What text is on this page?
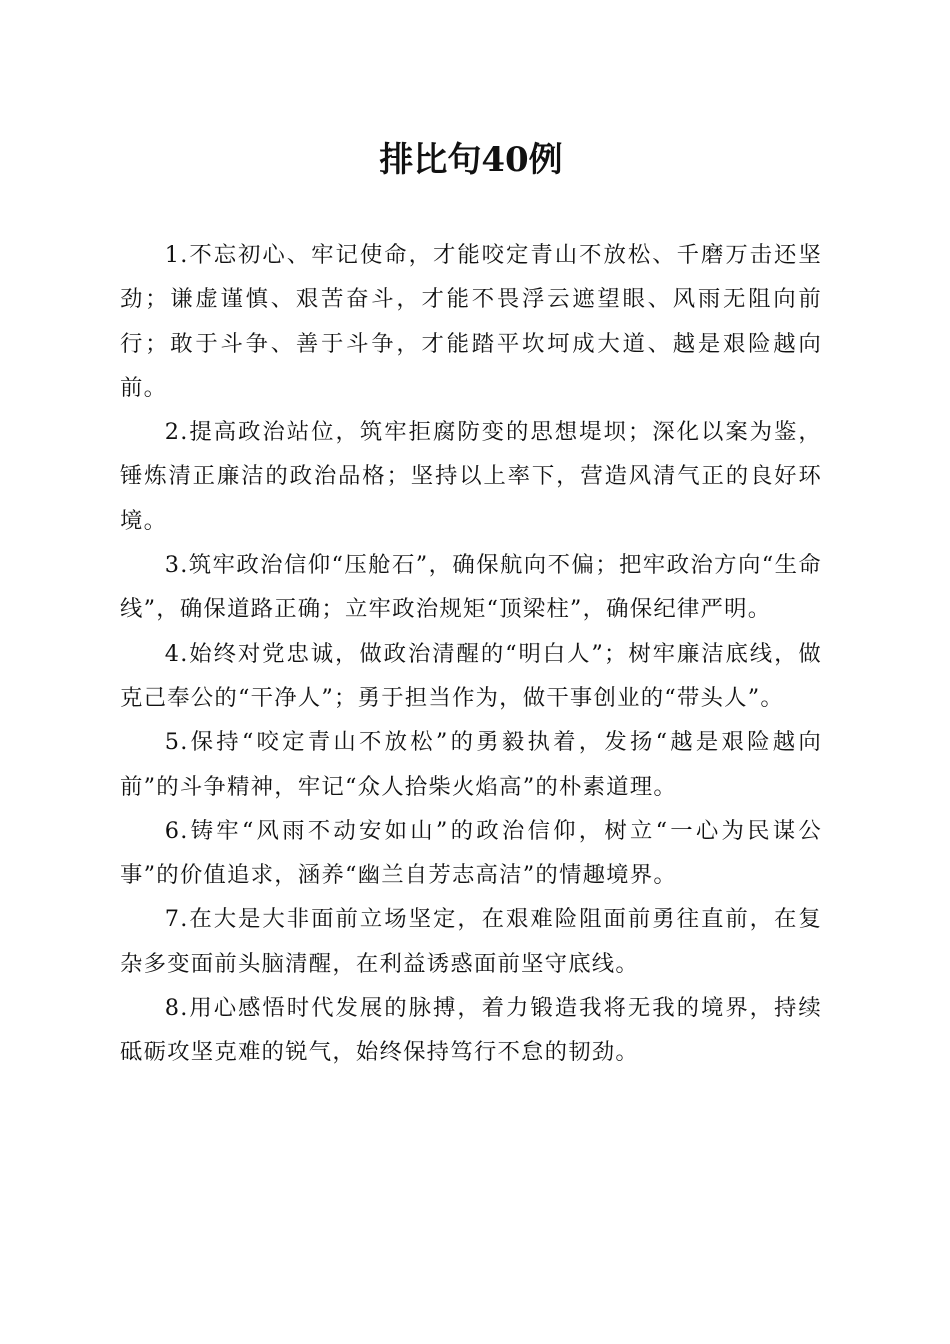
排比句40例

1.不忘初心、牢记使命，才能咬定青山不放松、千磨万击还坚劲；谦虚谨慎、艰苦奋斗，才能不畏浮云遮望眼、风雨无阻向前行；敢于斗争、善于斗争，才能踏平坎坷成大道、越是艰险越向前。

2.提高政治站位，筑牢拒腐防变的思想堤坝；深化以案为鉴，锤炼清正廉洁的政治品格；坚持以上率下，营造风清气正的良好环境。

3.筑牢政治信仰“压舱石”，确保航向不偏；把牢政治方向“生命线”，确保道路正确；立牢政治规矩“顶梁柱”，确保纪律严明。

4.始终对党忠诚，做政治清醒的“明白人”；树牢廉洁底线，做克己奉公的“干净人”；勇于担当作为，做干事创业的“带头人”。

5.保持“咬定青山不放松”的勇毅执着，发扬“越是艰险越向前”的斗争精神，牢记“众人拾柴火焰高”的朴素道理。

6.铸牢“风雨不动安如山”的政治信仰，树立“一心为民谋公事”的价值追求，涵养“幽兰自芳志高洁”的情趣境界。

7.在大是大非面前立场坚定，在艰难险阻面前勇往直前，在复杂多变面前头脑清醒，在利益诱惑面前坚守底线。

8.用心感悟时代发展的脉搏，着力锻造我将无我的境界，持续砥砺攻坚克难的锐气，始终保持笃行不怠的韧劲。
